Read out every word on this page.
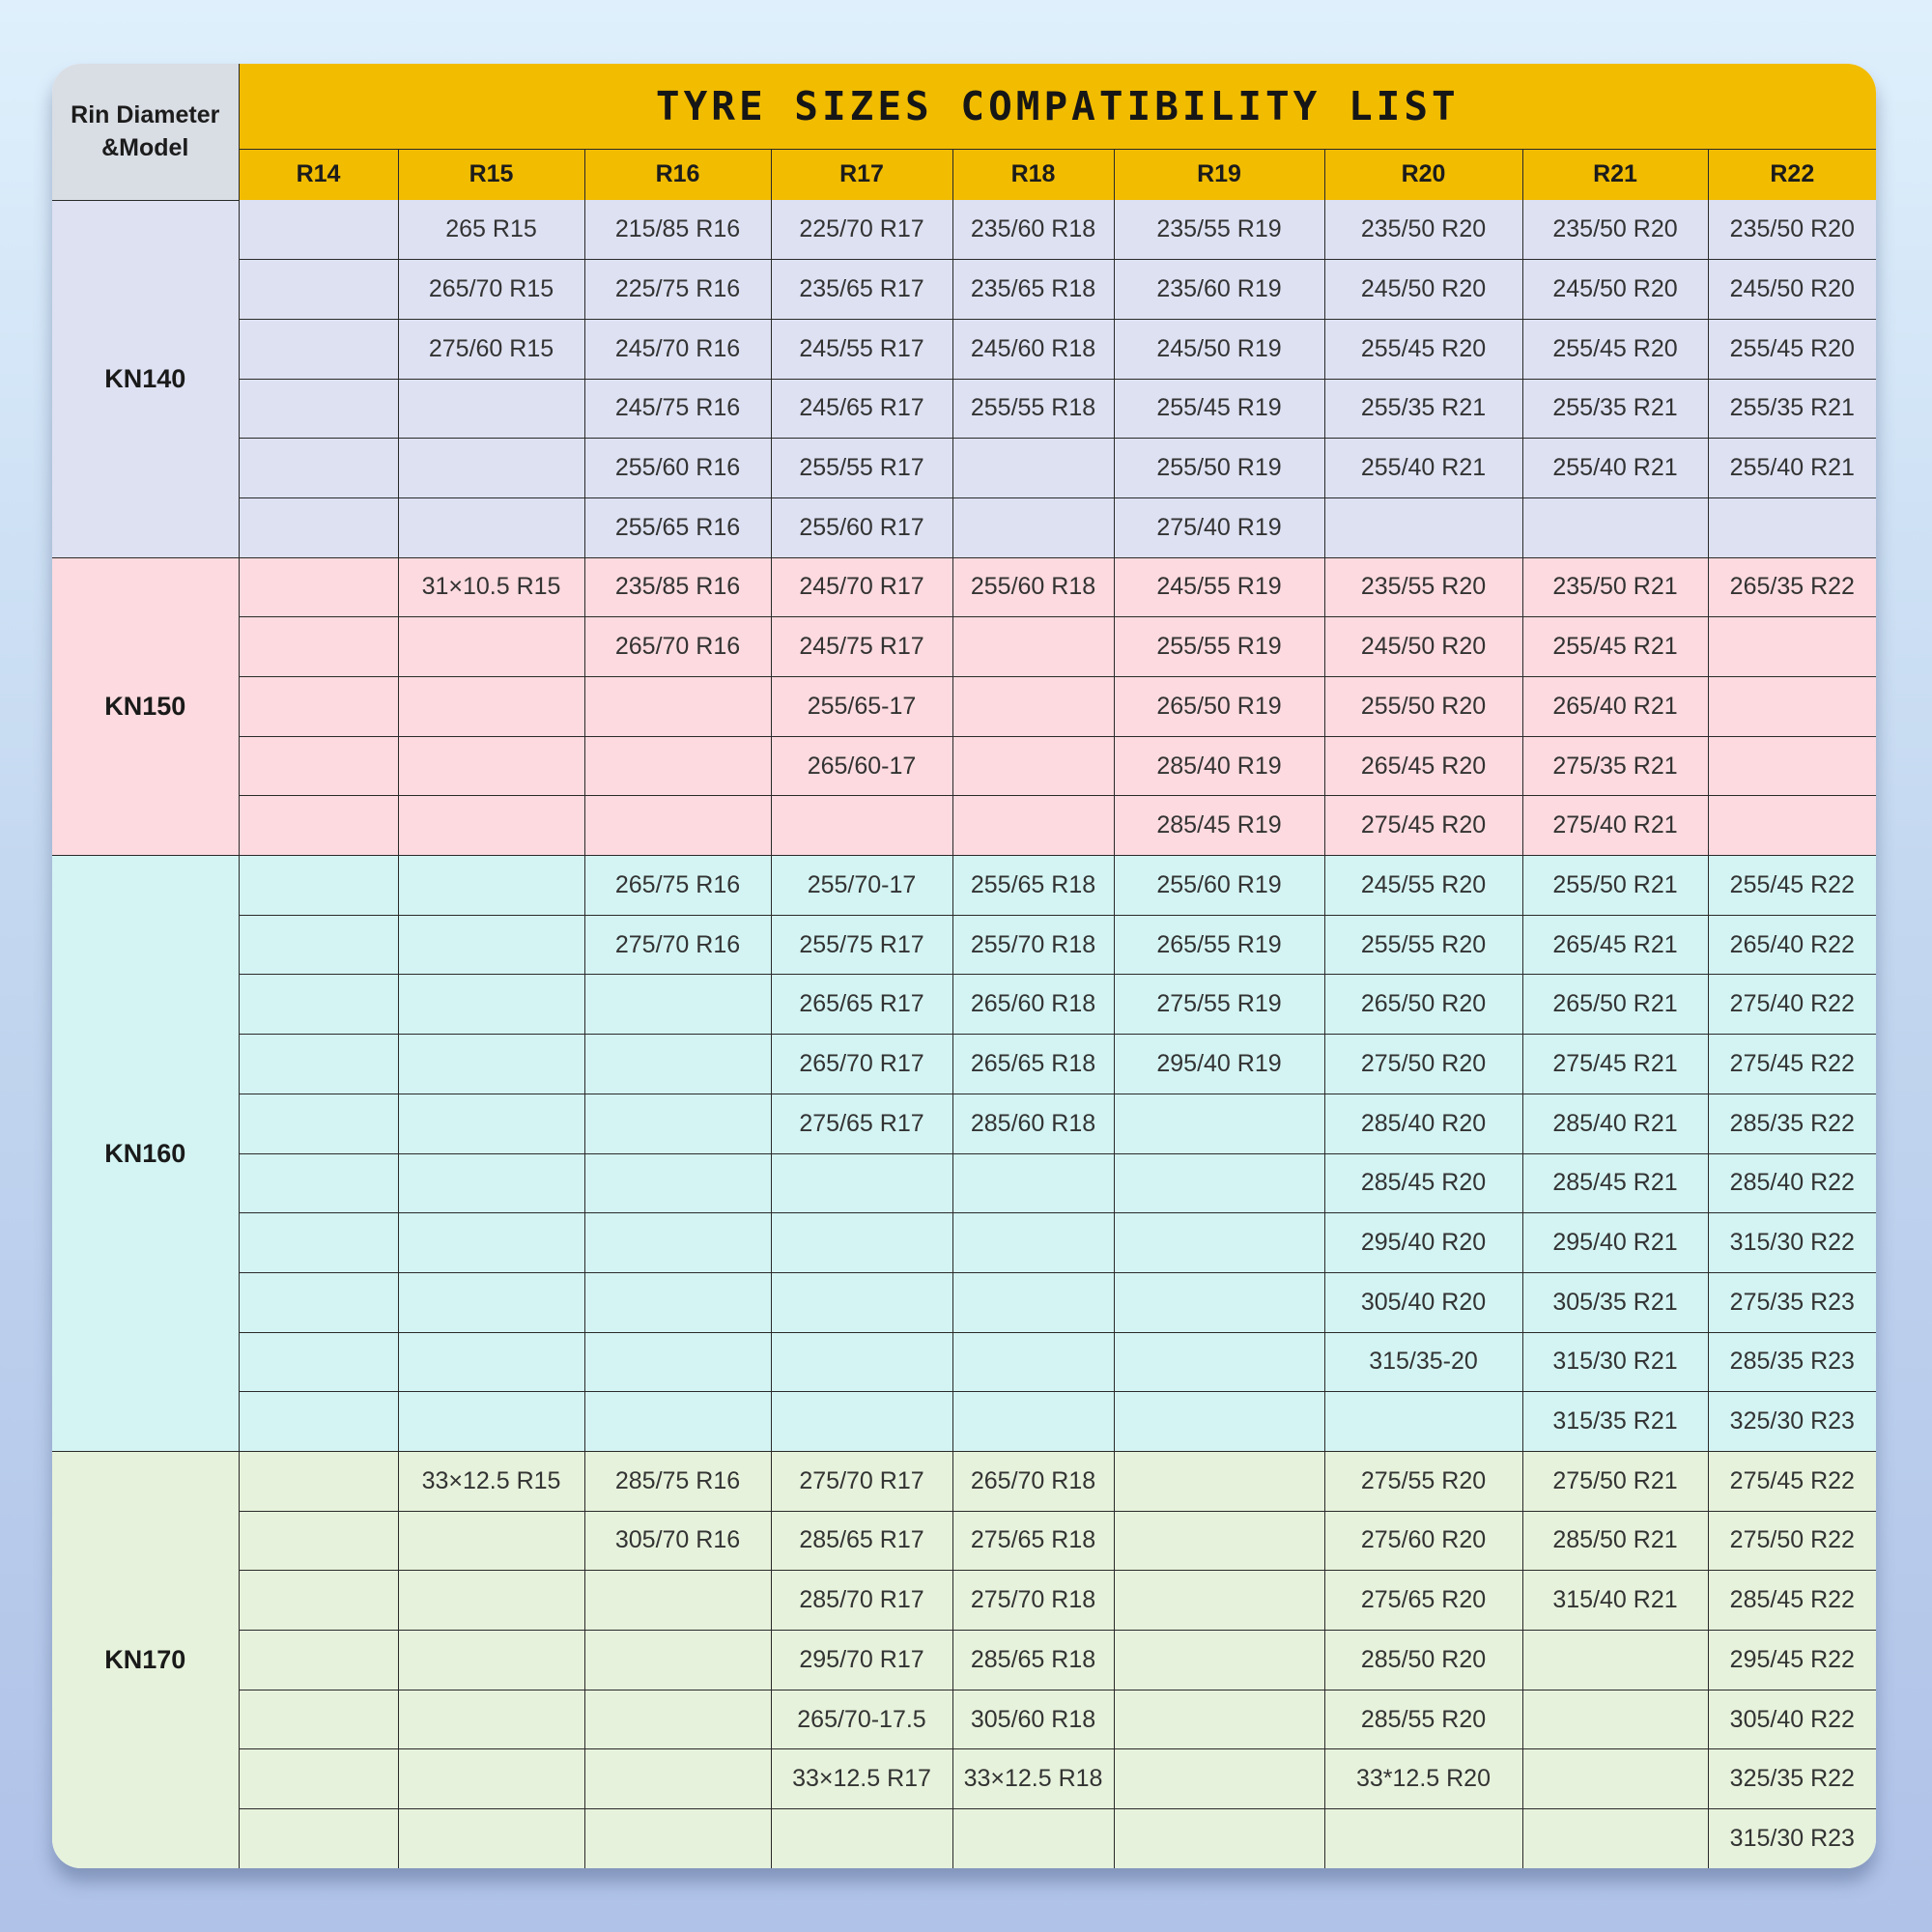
Rin Diameter &Model	TYRE SIZES COMPATIBILITY LIST								
	R14	R15	R16	R17	R18	R19	R20	R21	R22
KN140		265 R15	215/85 R16	225/70 R17	235/60 R18	235/55 R19	235/50 R20	235/50 R20	235/50 R20
		265/70 R15	225/75 R16	235/65 R17	235/65 R18	235/60 R19	245/50 R20	245/50 R20	245/50 R20
		275/60 R15	245/70 R16	245/55 R17	245/60 R18	245/50 R19	255/45 R20	255/45 R20	255/45 R20
			245/75 R16	245/65 R17	255/55 R18	255/45 R19	255/35 R21	255/35 R21	255/35 R21
			255/60 R16	255/55 R17		255/50 R19	255/40 R21	255/40 R21	255/40 R21
			255/65 R16	255/60 R17		275/40 R19			
KN150		31×10.5 R15	235/85 R16	245/70 R17	255/60 R18	245/55 R19	235/55 R20	235/50 R21	265/35 R22
			265/70 R16	245/75 R17		255/55 R19	245/50 R20	255/45 R21	
				255/65-17		265/50 R19	255/50 R20	265/40 R21	
				265/60-17		285/40 R19	265/45 R20	275/35 R21	
						285/45 R19	275/45 R20	275/40 R21	
KN160			265/75 R16	255/70-17	255/65 R18	255/60 R19	245/55 R20	255/50 R21	255/45 R22
			275/70 R16	255/75 R17	255/70 R18	265/55 R19	255/55 R20	265/45 R21	265/40 R22
				265/65 R17	265/60 R18	275/55 R19	265/50 R20	265/50 R21	275/40 R22
				265/70 R17	265/65 R18	295/40 R19	275/50 R20	275/45 R21	275/45 R22
				275/65 R17	285/60 R18		285/40 R20	285/40 R21	285/35 R22
							285/45 R20	285/45 R21	285/40 R22
							295/40 R20	295/40 R21	315/30 R22
							305/40 R20	305/35 R21	275/35 R23
							315/35-20	315/30 R21	285/35 R23
								315/35 R21	325/30 R23
KN170		33×12.5 R15	285/75 R16	275/70 R17	265/70 R18		275/55 R20	275/50 R21	275/45 R22
			305/70 R16	285/65 R17	275/65 R18		275/60 R20	285/50 R21	275/50 R22
				285/70 R17	275/70 R18		275/65 R20	315/40 R21	285/45 R22
				295/70 R17	285/65 R18		285/50 R20		295/45 R22
				265/70-17.5	305/60 R18		285/55 R20		305/40 R22
				33×12.5 R17	33×12.5 R18		33*12.5 R20		325/35 R22
									315/30 R23
